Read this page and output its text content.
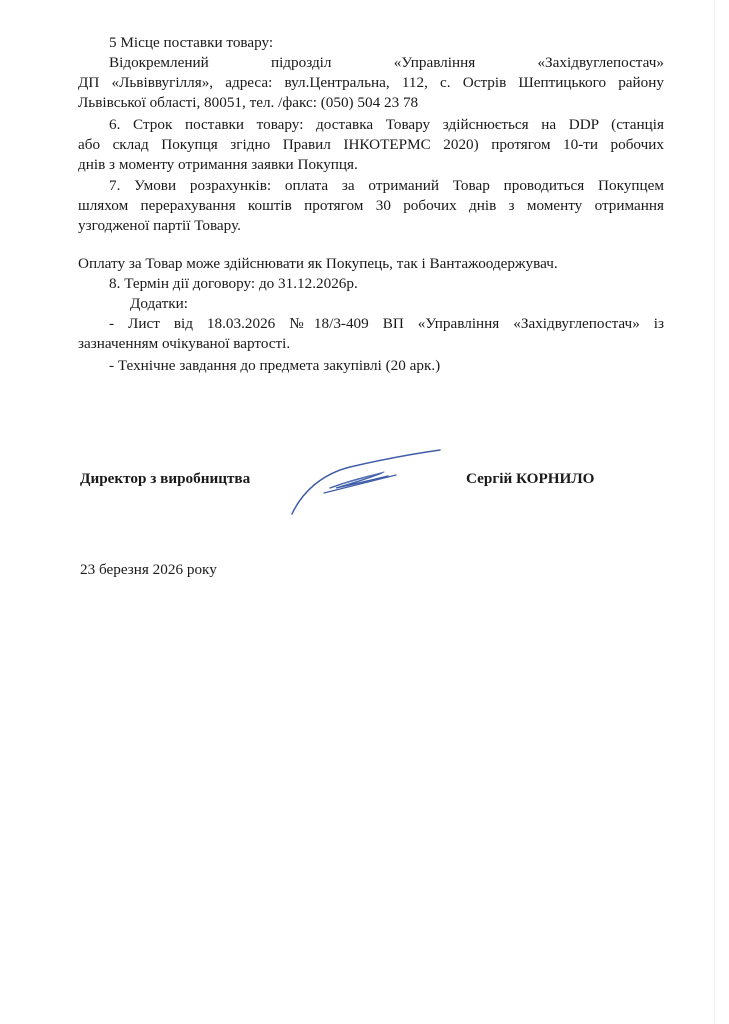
5 Місце поставки товару:
Відокремлений підрозділ «Управління «Західвуглепостач»
ДП «Львіввугілля», адреса: вул.Центральна, 112, с. Острів Шептицького району
Львівської області, 80051, тел. /факс: (050) 504 23 78
6. Строк поставки товару: доставка Товару здійснюється на DDP (станція
або склад Покупця згідно Правил ІНКОТЕРМС 2020) протягом 10-ти робочих
днів з моменту отримання заявки Покупця.
7. Умови розрахунків: оплата за отриманий Товар проводиться Покупцем
шляхом перерахування коштів протягом 30 робочих днів з моменту отримання
узгодженої партії Товару.
Оплату за Товар може здійснювати як Покупець, так і Вантажоодержувач.
8. Термін дії договору: до 31.12.2026р.
Додатки:
- Лист від 18.03.2026 №18/3-409 ВП «Управління «Західвуглепостач» із
зазначенням очікуваної вартості.
- Технічне завдання до предмета закупівлі (20 арк.)
Директор з виробництва	Сергій КОРНИЛО
23 березня 2026 року
